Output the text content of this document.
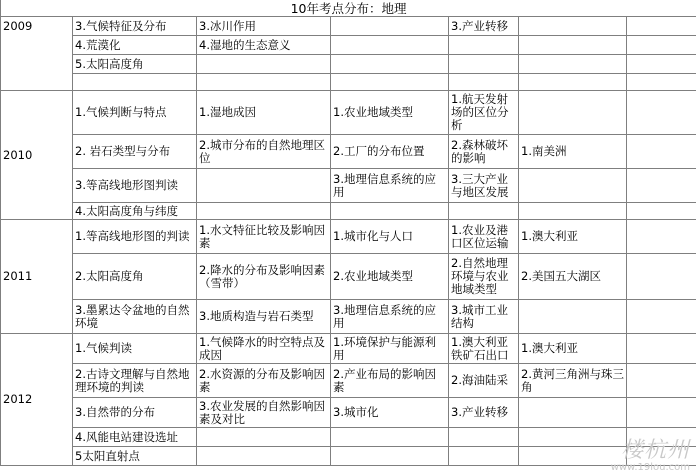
10年考点分布：地理						
2009	3.气候特征及分布	3.冰川作用		3.产业转移		
	4.荒漠化	4.湿地的生态意义				
	5.太阳高度角					

2010	1.气候判断与特点	1.湿地成因	1.农业地域类型	1.航天发射场的区位分析		
	2. 岩石类型与分布	2.城市分布的自然地理区位	2.工厂的分布位置	2.森林破坏的影响	1.南美洲	
	3.等高线地形图判读		3.地理信息系统的应用	3.三大产业与地区发展		
	4.太阳高度角与纬度					
2011	1.等高线地形图的判读	1.水文特征比较及影响因素	1.城市化与人口	1.农业及港口区位运输	1.澳大利亚	
	2.太阳高度角	2.降水的分布及影响因素（雪带）	2.农业地域类型	2.自然地理环境与农业地域类型	2.美国五大湖区	
	3.墨累达令盆地的自然环境	3.地质构造与岩石类型	3.地理信息系统的应用	3.城市工业结构		
2012	1.气候判读	1.气候降水的时空特点及成因	1.环境保护与能源利用	1.澳大利亚铁矿石出口	1.澳大利亚	
	2.古诗文理解与自然地理环境的判读	2.水资源的分布及影响因素	2.产业布局的影响因素	2.海油陆采	2.黄河三角洲与珠三角	
	3.自然带的分布	3.农业发展的自然影响因素及对比	3.城市化	3.产业转移		
	4.风能电站建设选址					
	5太阳直射点						楼杭州
www.19lou.com
